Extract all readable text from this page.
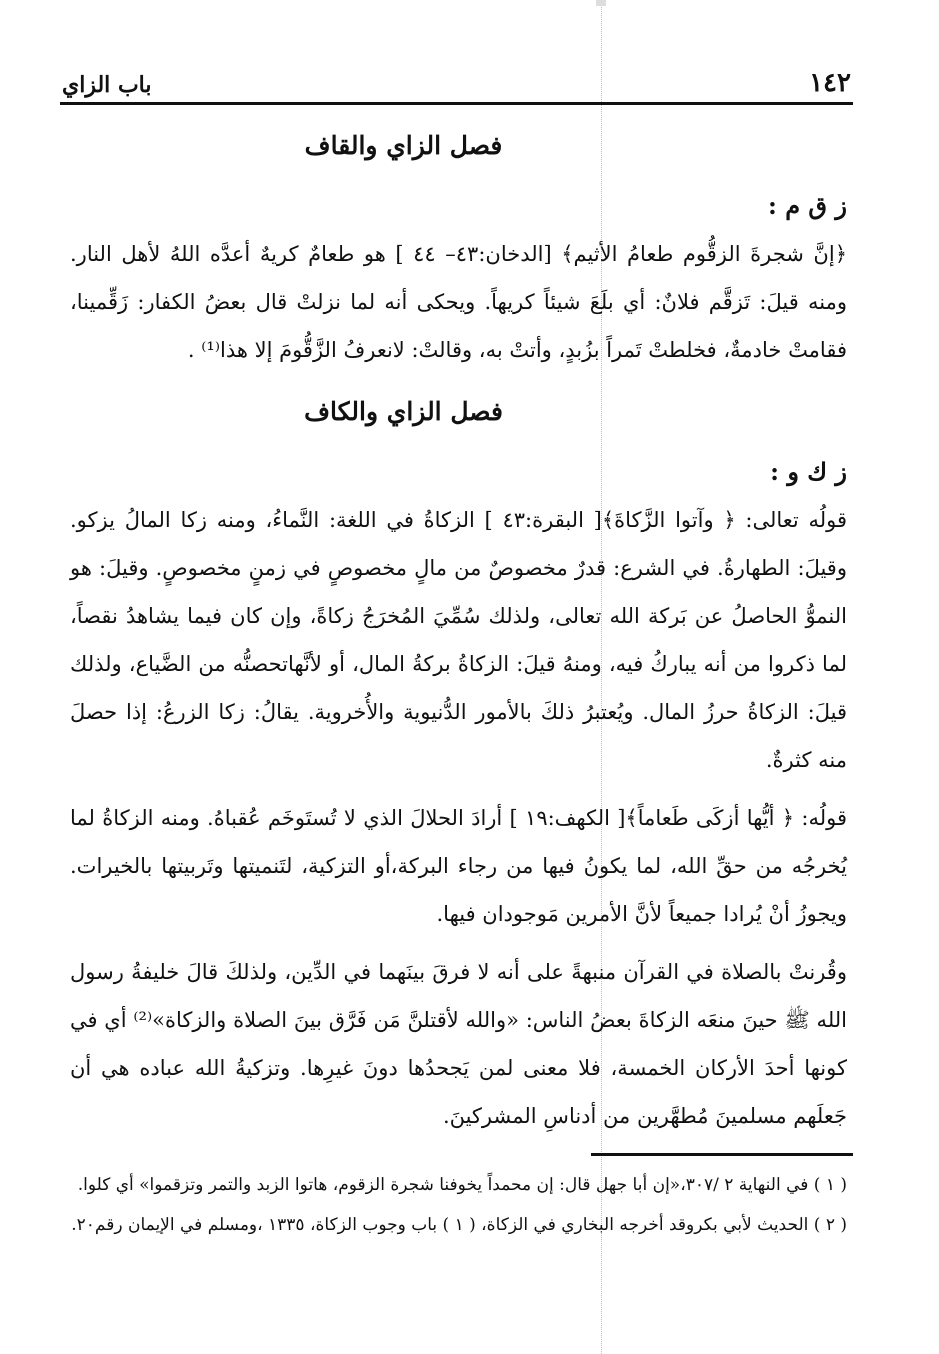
١٤٢
باب الزاي
فصل الزاي والقاف
ز ق م :

﴿إنَّ شجرةَ الزقُّوم طعامُ الأثيم﴾ [الدخان:٤٣– ٤٤ ] هو طعامٌ كريهٌ أعدَّه اللهُ لأهل النار. ومنه قيلَ: تَزقَّم فلانٌ: أي بلَعَ شيئاً كريهاً. ويحكى أنه لما نزلتْ قال بعضُ الكفار: زَقِّمينا، فقامتْ خادمةٌ، فخلطتْ تَمراً بزُبدٍ، وأتتْ به، وقالتْ: لانعرفُ الزَّقُّومَ إلا هذا⁽¹⁾ .

فصل الزاي والكاف
ز ك و :

قولُه تعالى: ﴿ وآتوا الزَّكاةَ﴾[ البقرة:٤٣ ] الزكاةُ في اللغة: النَّماءُ، ومنه زكا المالُ يزكو. وقيلَ: الطهارةُ. في الشرع: قدرٌ مخصوصٌ من مالٍ مخصوصٍ في زمنٍ مخصوصٍ. وقيلَ: هو النموُّ الحاصلُ عن بَركة الله تعالى، ولذلك سُمِّيَ المُخرَجُ زكاةً، وإن كان فيما يشاهدُ نقصاً، لما ذكروا من أنه يباركُ فيه، ومنهُ قيلَ: الزكاةُ بركةُ المال، أو لأنَّهاتحصنُّه من الضَّياع، ولذلك قيلَ: الزكاةُ حرزُ المال. ويُعتبرُ ذلكَ بالأمور الدُّنيوية والأُخروية. يقالُ: زكا الزرعُ: إذا حصلَ منه كثرةٌ.

قولُه: ﴿ أيُّها أزكَى طَعاماً﴾[ الكهف:١٩ ] أرادَ الحلالَ الذي لا تُستَوخَم عُقباهُ. ومنه الزكاةُ لما يُخرجُه من حقِّ الله، لما يكونُ فيها من رجاء البركة،أو التزكية، لتَنميتها وتَربيتها بالخيرات. ويجوزُ أنْ يُرادا جميعاً لأنَّ الأمرين مَوجودان فيها.

وقُرنتْ بالصلاة في القرآن منبهةً على أنه لا فرقَ بينَهما في الدِّين، ولذلكَ قالَ خليفةُ رسول الله ﷺ حينَ منعَه الزكاةَ بعضُ الناس: «والله لأقتلنَّ مَن فَرَّق بينَ الصلاة والزكاة»⁽²⁾ أي في كونها أحدَ الأركان الخمسة، فلا معنى لمن يَجحدُها دونَ غيرِها. وتزكيةُ الله عباده هي أن جَعلَهم مسلمينَ مُطهَّرين من أدناسِ المشركينَ.

( ١ ) في النهاية ٢ /٣٠٧،«إن أبا جهل قال: إن محمداً يخوفنا شجرة الزقوم، هاتوا الزبد والتمر وتزقموا» أي كلوا.

( ٢ ) الحديث لأبي بكروقد أخرجه البخاري في الزكاة، ( ١ ) باب وجوب الزكاة، ١٣٣٥ ،ومسلم في الإيمان رقم٢٠.
